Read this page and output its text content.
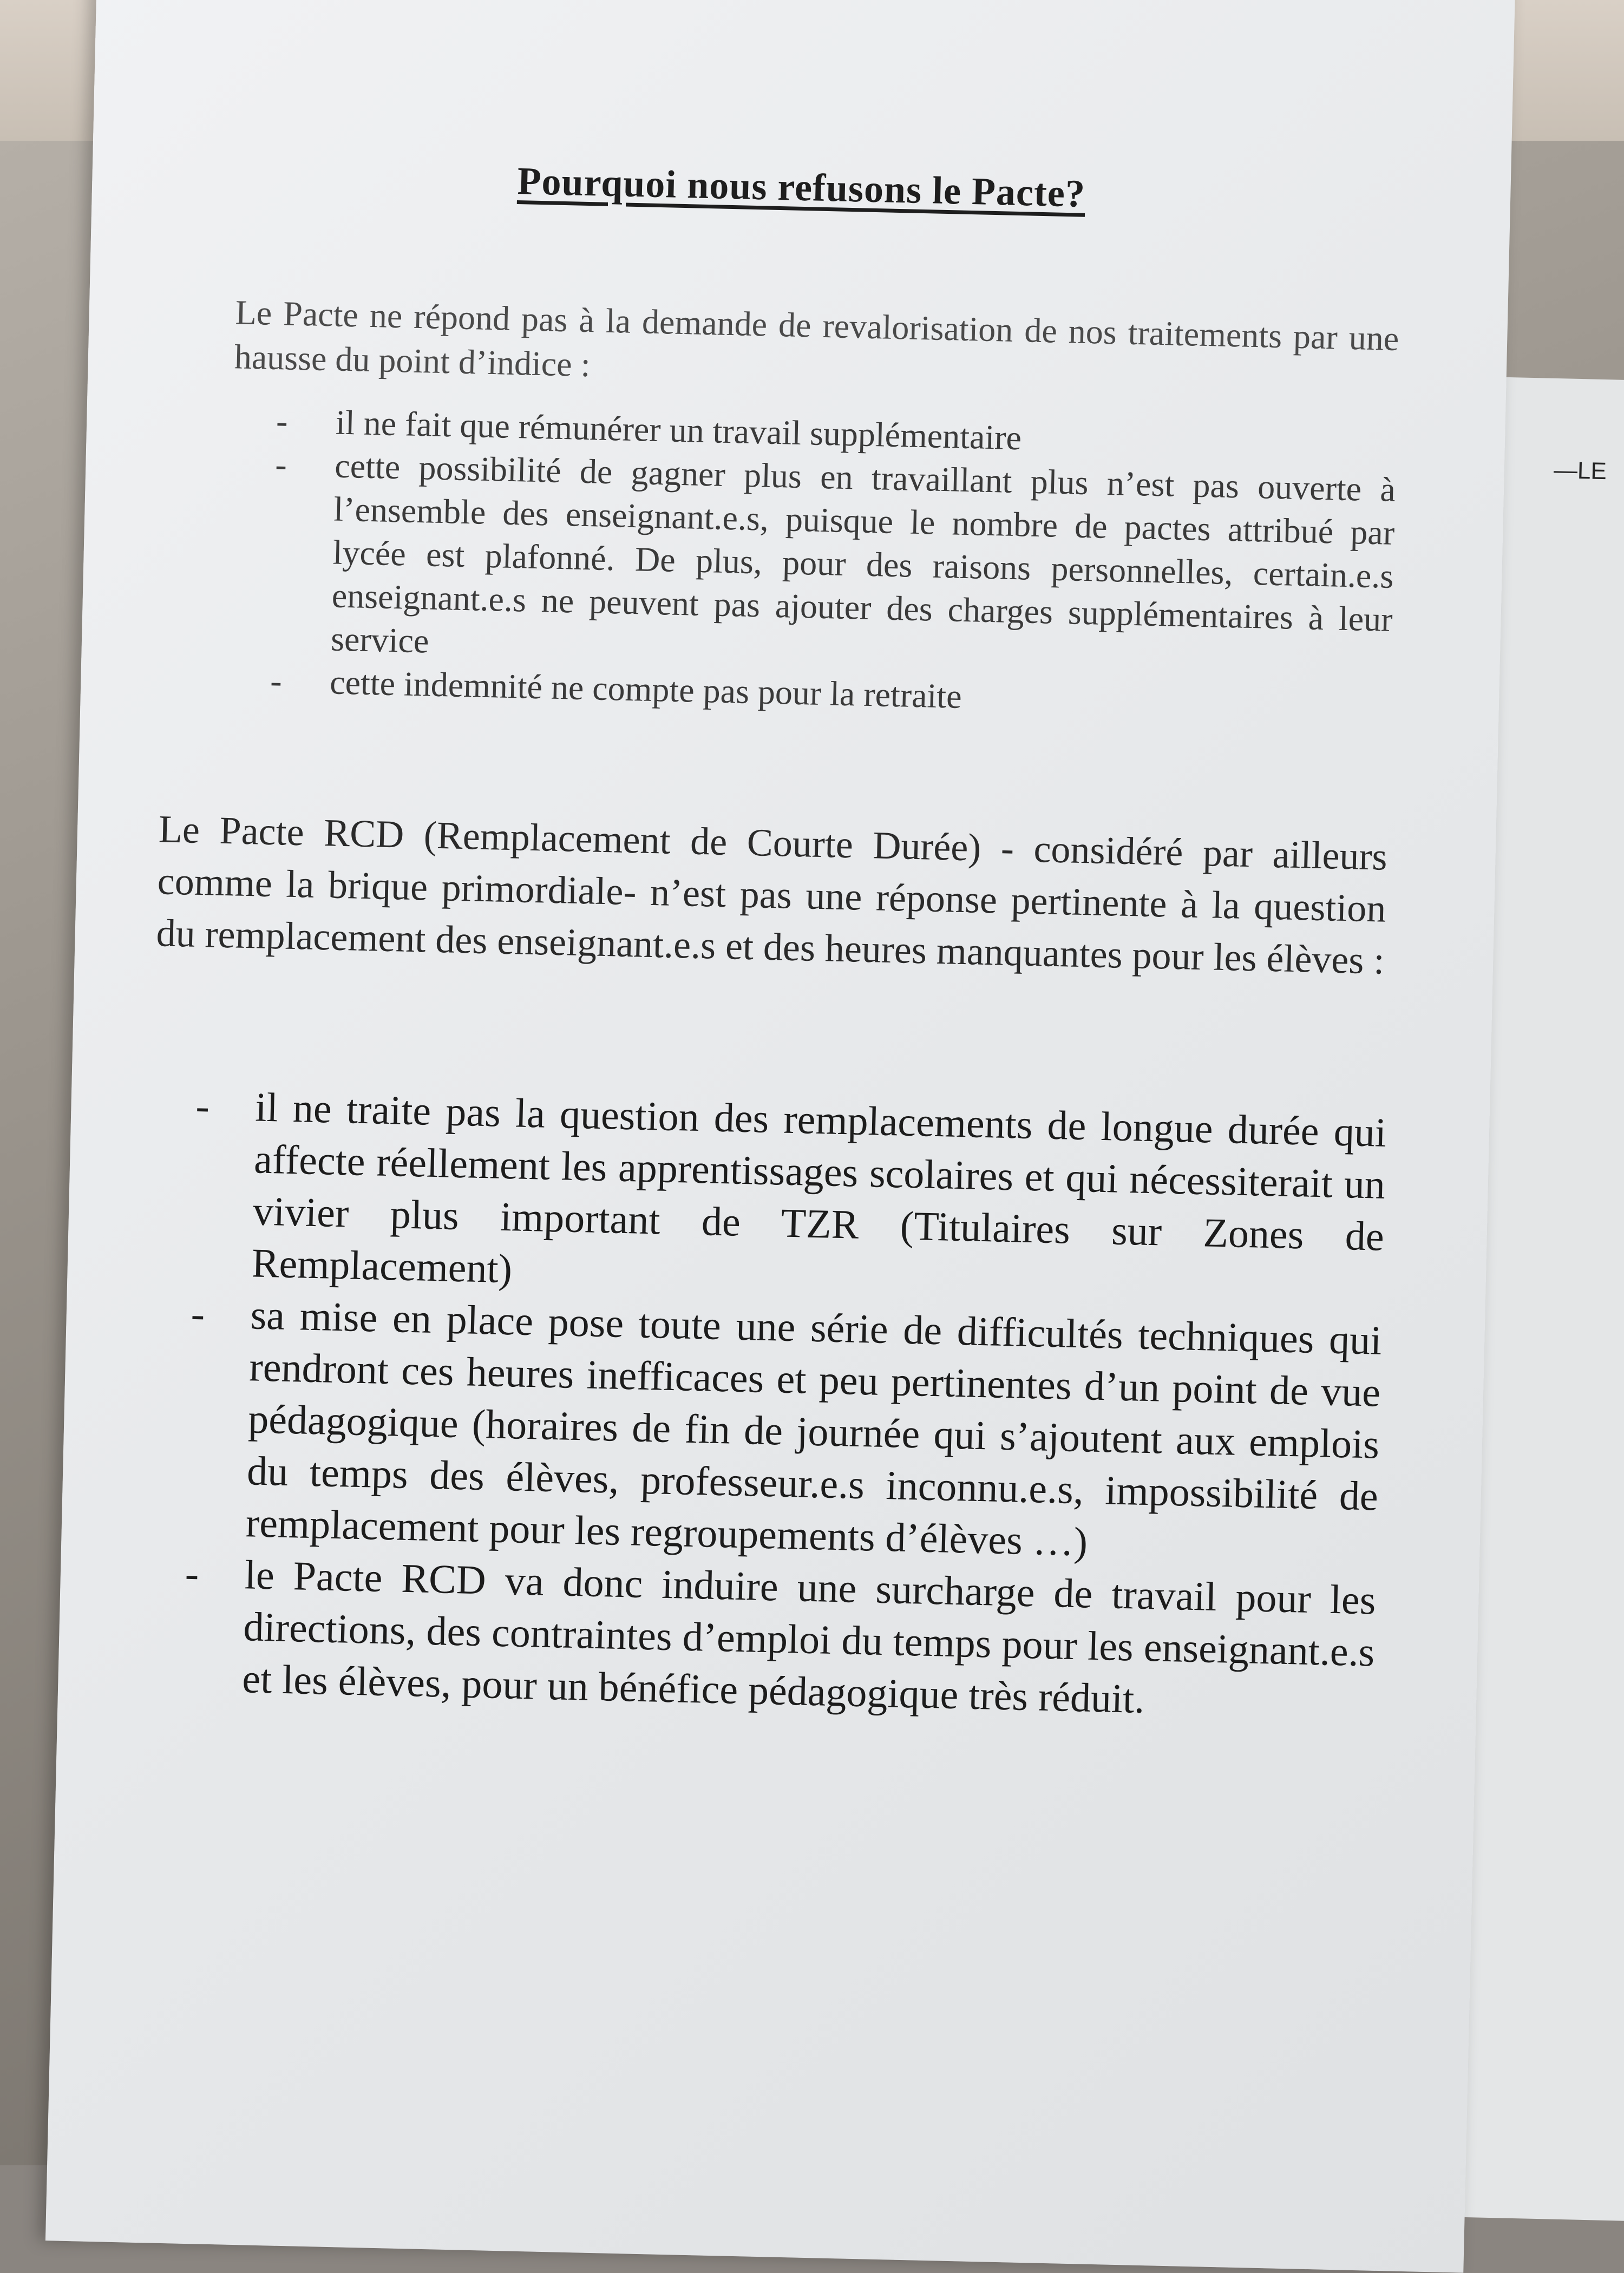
—LE
Pourquoi nous refusons le Pacte?

Le Pacte ne répond pas à la demande de revalorisation de nos traitements par une hausse du point d’indice :

- il ne fait que rémunérer un travail supplémentaire
- cette possibilité de gagner plus en travaillant plus n’est pas ouverte à l’ensemble des enseignant.e.s, puisque le nombre de pactes attribué par lycée est plafonné. De plus, pour des raisons personnelles, certain.e.s enseignant.e.s ne peuvent pas ajouter des charges supplémentaires à leur service
- cette indemnité ne compte pas pour la retraite

Le Pacte RCD (Remplacement de Courte Durée) - considéré par ailleurs comme la brique primordiale- n’est pas une réponse pertinente à la question du remplacement des enseignant.e.s et des heures manquantes pour les élèves :

- il ne traite pas la question des remplacements de longue durée qui affecte réellement les apprentissages scolaires et qui nécessiterait un vivier plus important de TZR (Titulaires sur Zones de Remplacement)
- sa mise en place pose toute une série de difficultés techniques qui rendront ces heures inefficaces et peu pertinentes d’un point de vue pédagogique (horaires de fin de journée qui s’ajoutent aux emplois du temps des élèves, professeur.e.s inconnu.e.s, impossibilité de remplacement pour les regroupements d’élèves …)
- le Pacte RCD va donc induire une surcharge de travail pour les directions, des contraintes d’emploi du temps pour les enseignant.e.s et les élèves, pour un bénéfice pédagogique très réduit.
